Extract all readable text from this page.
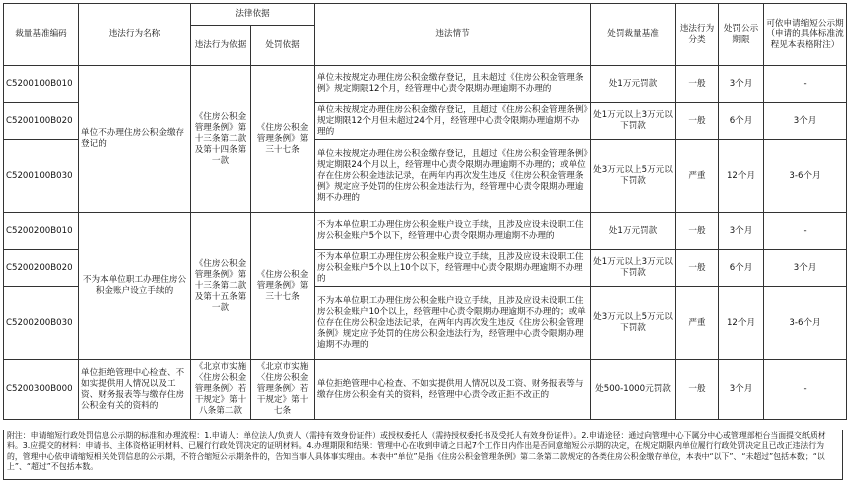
裁量基准编码	违法行为名称	法律依据		违法情节	处罚裁量基准	违法行为分类	处罚公示期限	可依申请缩短公示期（申请的具体标准流程见本表格附注）
		违法行为依据	处罚依据					
C5200100B010	单位不办理住房公积金缴存登记的	《住房公积金管理条例》第十三条第二款及第十四条第一款	《住房公积金管理条例》第三十七条	单位未按规定办理住房公积金缴存登记，且未超过《住房公积金管理条例》规定期限12个月，经管理中心责令限期办理逾期不办理的	处1万元罚款	一般	3个月	-
C5200100B020				单位未按规定办理住房公积金缴存登记，且超过《住房公积金管理条例》规定期限12个月但未超过24个月，经管理中心责令限期办理逾期不办理的	处1万元以上3万元以下罚款	一般	6个月	3个月
C5200100B030				单位未按规定办理住房公积金缴存登记，且超过《住房公积金管理条例》规定期限24个月以上，经管理中心责令限期办理逾期不办理的；或单位存在住房公积金违法记录，在两年内再次发生违反《住房公积金管理条例》规定应予处罚的住房公积金违法行为，经管理中心责令限期办理逾期不办理的	处3万元以上5万元以下罚款	严重	12个月	3-6个月
C5200200B010	不为本单位职工办理住房公积金账户设立手续的	《住房公积金管理条例》第十三条第二款及第十五条第一款	《住房公积金管理条例》第三十七条	不为本单位职工办理住房公积金账户设立手续，且涉及应设未设职工住房公积金账户5个以下，经管理中心责令限期办理逾期不办理的	处1万元罚款	一般	3个月	-
C5200200B020				不为本单位职工办理住房公积金账户设立手续，且涉及应设未设职工住房公积金账户5个以上10个以下，经管理中心责令限期办理逾期不办理的	处1万元以上3万元以下罚款	一般	6个月	3个月
C5200200B030				不为本单位职工办理住房公积金账户设立手续，且涉及应设未设职工住房公积金账户10个以上，经管理中心责令限期办理逾期不办理的；或单位存在住房公积金违法记录，在两年内再次发生违反《住房公积金管理条例》规定应予处罚的住房公积金违法行为，经管理中心责令限期办理逾期不办理的	处3万元以上5万元以下罚款	严重	12个月	3-6个月
C5200300B000	单位拒绝管理中心检查、不如实提供用人情况以及工资、财务报表等与缴存住房公积金有关的资料的	《北京市实施〈住房公积金管理条例〉若干规定》第十八条第二款	《北京市实施〈住房公积金管理条例〉若干规定》第十七条	单位拒绝管理中心检查、不如实提供用人情况以及工资、财务报表等与缴存住房公积金有关的资料，经管理中心责令改正拒不改正的	处500-1000元罚款	一般	3个月	-
附注：申请缩短行政处罚信息公示期的标准和办理流程：1.申请人：单位法人/负责人（需持有效身份证件）或授权委托人（需持授权委托书及受托人有效身份证件）。2.申请途径：通过向管理中心下属分中心或管理部柜台当面提交纸质材料。3.应提交的材料：申请书、主体资格证明材料、已履行行政处罚决定的证明材料。4.办理期限和结果：管理中心在收到申请之日起7个工作日内作出是否同意缩短公示期的决定，在规定期限内单位履行行政处罚决定且已改正违法行为的，管理中心依申请缩短相关处罚信息的公示期，不符合缩短公示期条件的，告知当事人具体事实理由。本表中“单位”是指《住房公积金管理条例》第二条第二款规定的各类住房公积金缴存单位，本表中“以下”、“未超过”包括本数；“以上”、“超过”不包括本数。
